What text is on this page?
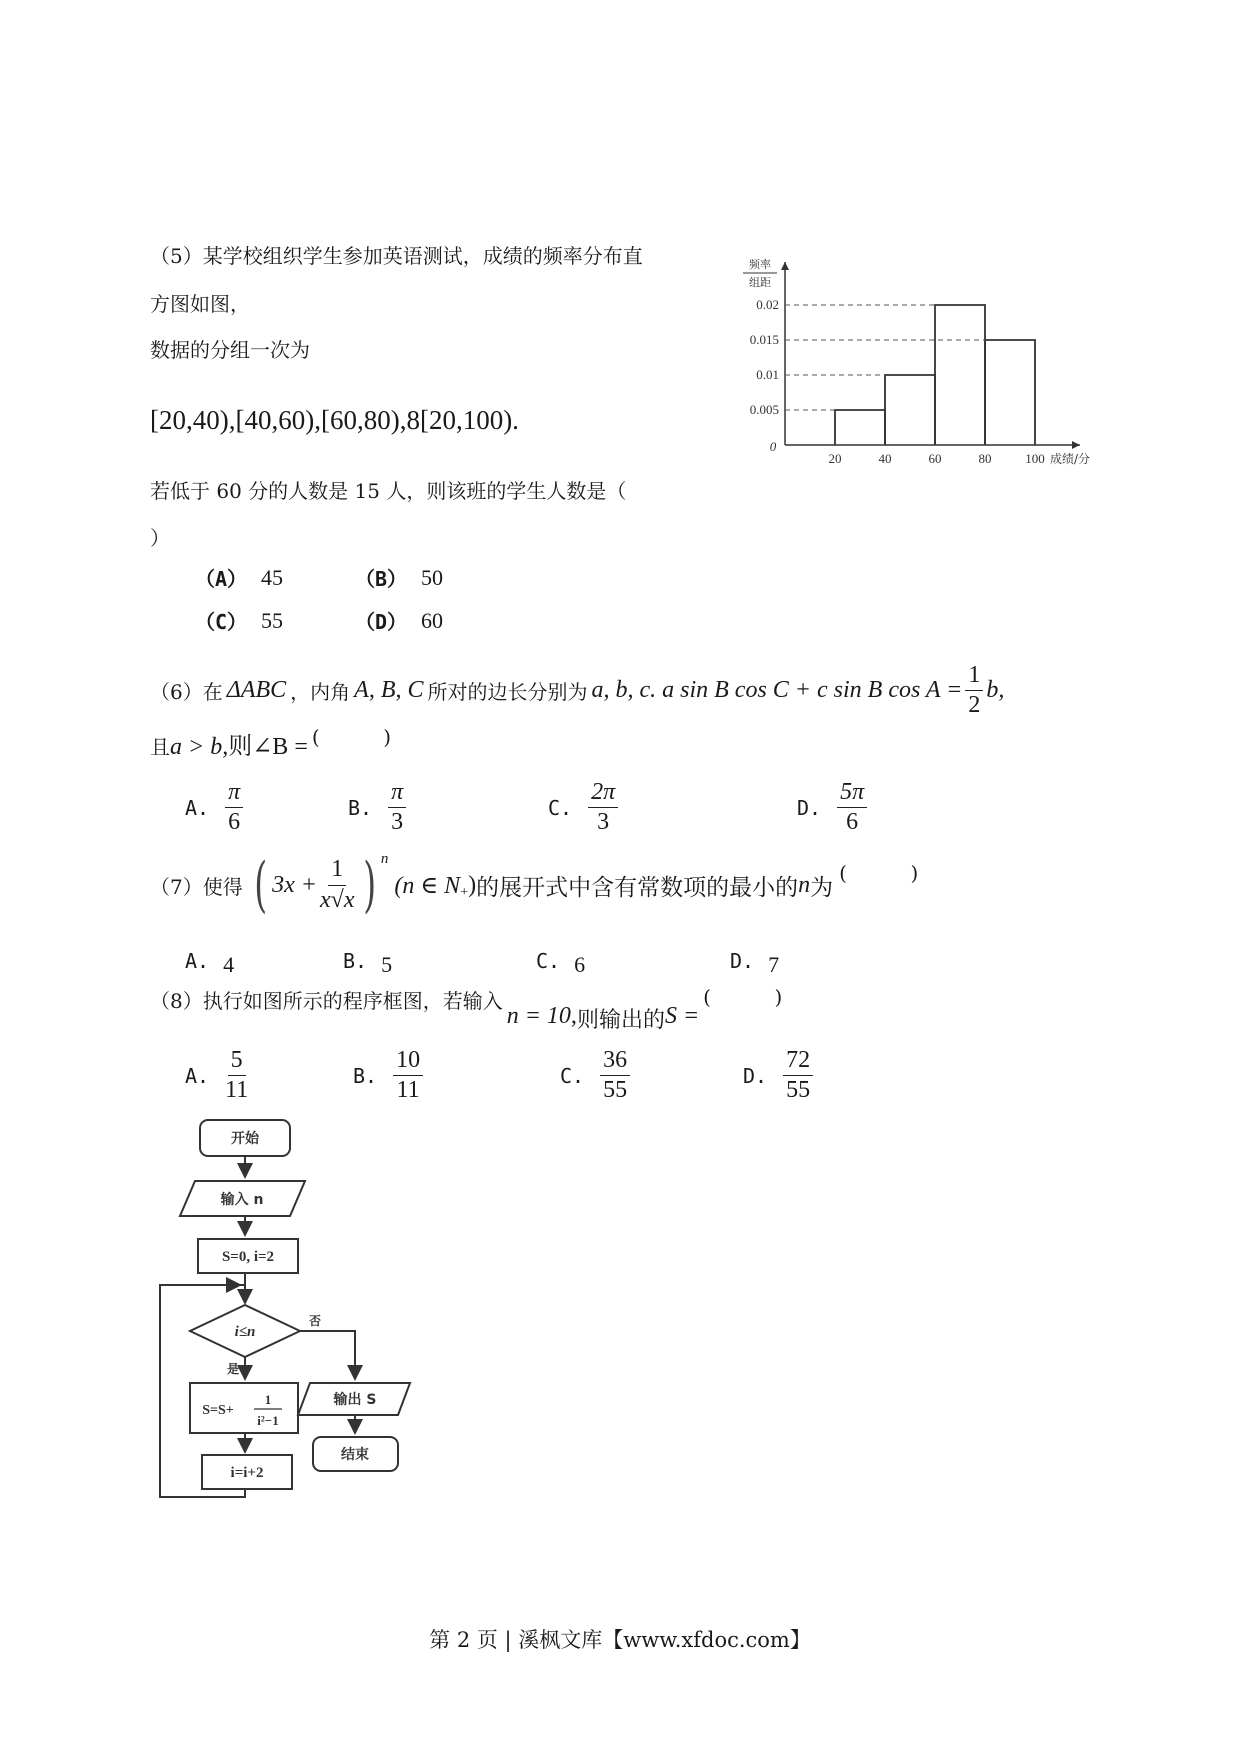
（5）某学校组织学生参加英语测试，成绩的频率分布直
方图如图，
数据的分组一次为
[20,40),[40,60),[60,80),8[20,100).
若低于 60 分的人数是 15 人，则该班的学生人数是（
）
（A） 45	（B） 50
（C） 55	（D） 60
0.005
0.01
0.015
0.02
0
20	40	60	80	100
频率
组距
成绩/分
（6）在 ΔABC ，内角 A, B, C 所对的边长分别为 a, b, c. a sin B cos C + c sin B $\cos A = \frac{1}{2} b$,
且 a > b, 则∠B = (          )
A. $\frac{\pi}{6}$	B. $\frac{\pi}{3}$	C. $\frac{2\pi}{3}$	D. $\frac{5\pi}{6}$
（7）使得 ( $3x + \frac{1}{x√x}$ ) n
(n ∈ N + ) 的展开式中含有常数项的最小的 n 为
(          )
A. 4	B. 5	C. 6	D. 7
（8）执行如图所示的程序框图，若输入
n = 10, 则输出的 S =
(          )
A. $\frac{5}{11}$	B. $\frac{10}{11}$	C. $\frac{36}{55}$	D. $\frac{72}{55}$
开始
输入 n
S=0, i=2
i≤n
是
否
S=S+
1
i²−1
i=i+2
输出 S
结束
第 2 页 | 溪枫文库【www.xfdoc.com】
